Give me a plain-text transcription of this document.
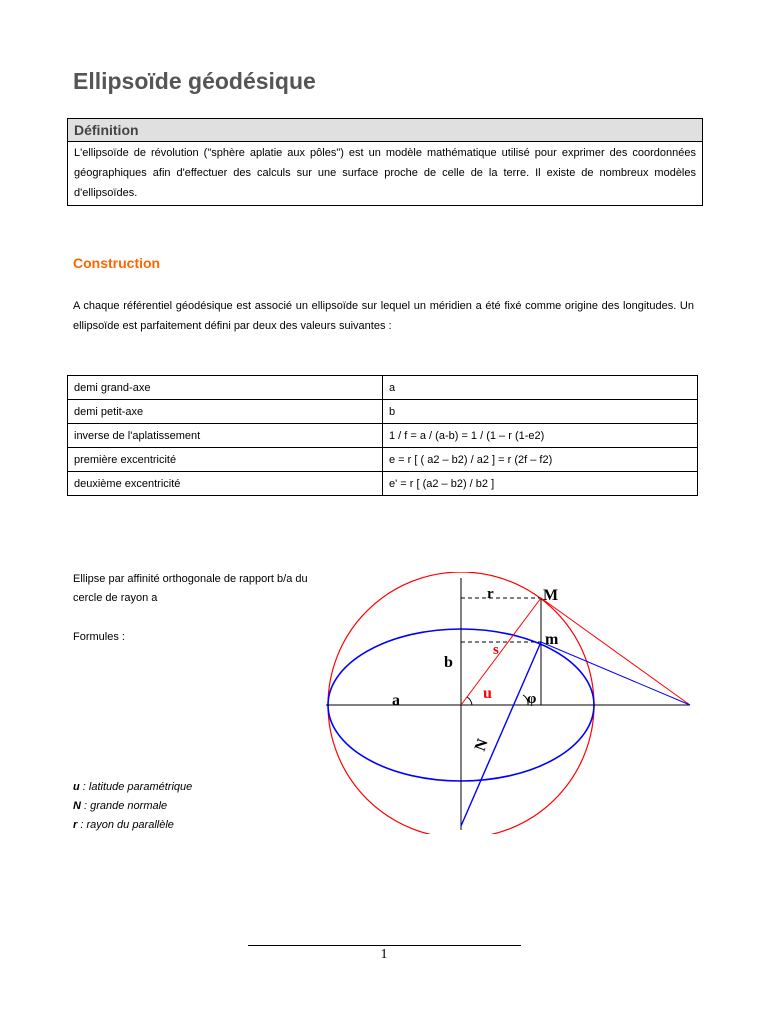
Ellipsoïde géodésique
Définition
L'ellipsoïde de révolution ("sphère aplatie aux pôles") est un modèle mathématique utilisé pour exprimer des coordonnées géographiques afin d'effectuer des calculs sur une surface proche de celle de la terre. Il existe de nombreux modèles d'ellipsoïdes.
Construction

A chaque référentiel géodésique est associé un ellipsoïde sur lequel un méridien a été fixé comme origine des longitudes. Un ellipsoïde est parfaitement défini par deux des valeurs suivantes :

demi grand-axe	a
demi petit-axe	b
inverse de l'aplatissement	1 / f = a / (a-b) = 1 / (1 – r (1-e2)
première excentricité	e = r [ ( a2 – b2) / a2 ] = r (2f – f2)
deuxième excentricité	e' = r [ (a2 – b2) / b2 ]

Ellipse par affinité orthogonale de rapport b/a du cercle de rayon a

Formules :

u : latitude paramétrique
N : grande normale
r : rayon du parallèle
r	M
m
s
b
a	u φ
N
1
